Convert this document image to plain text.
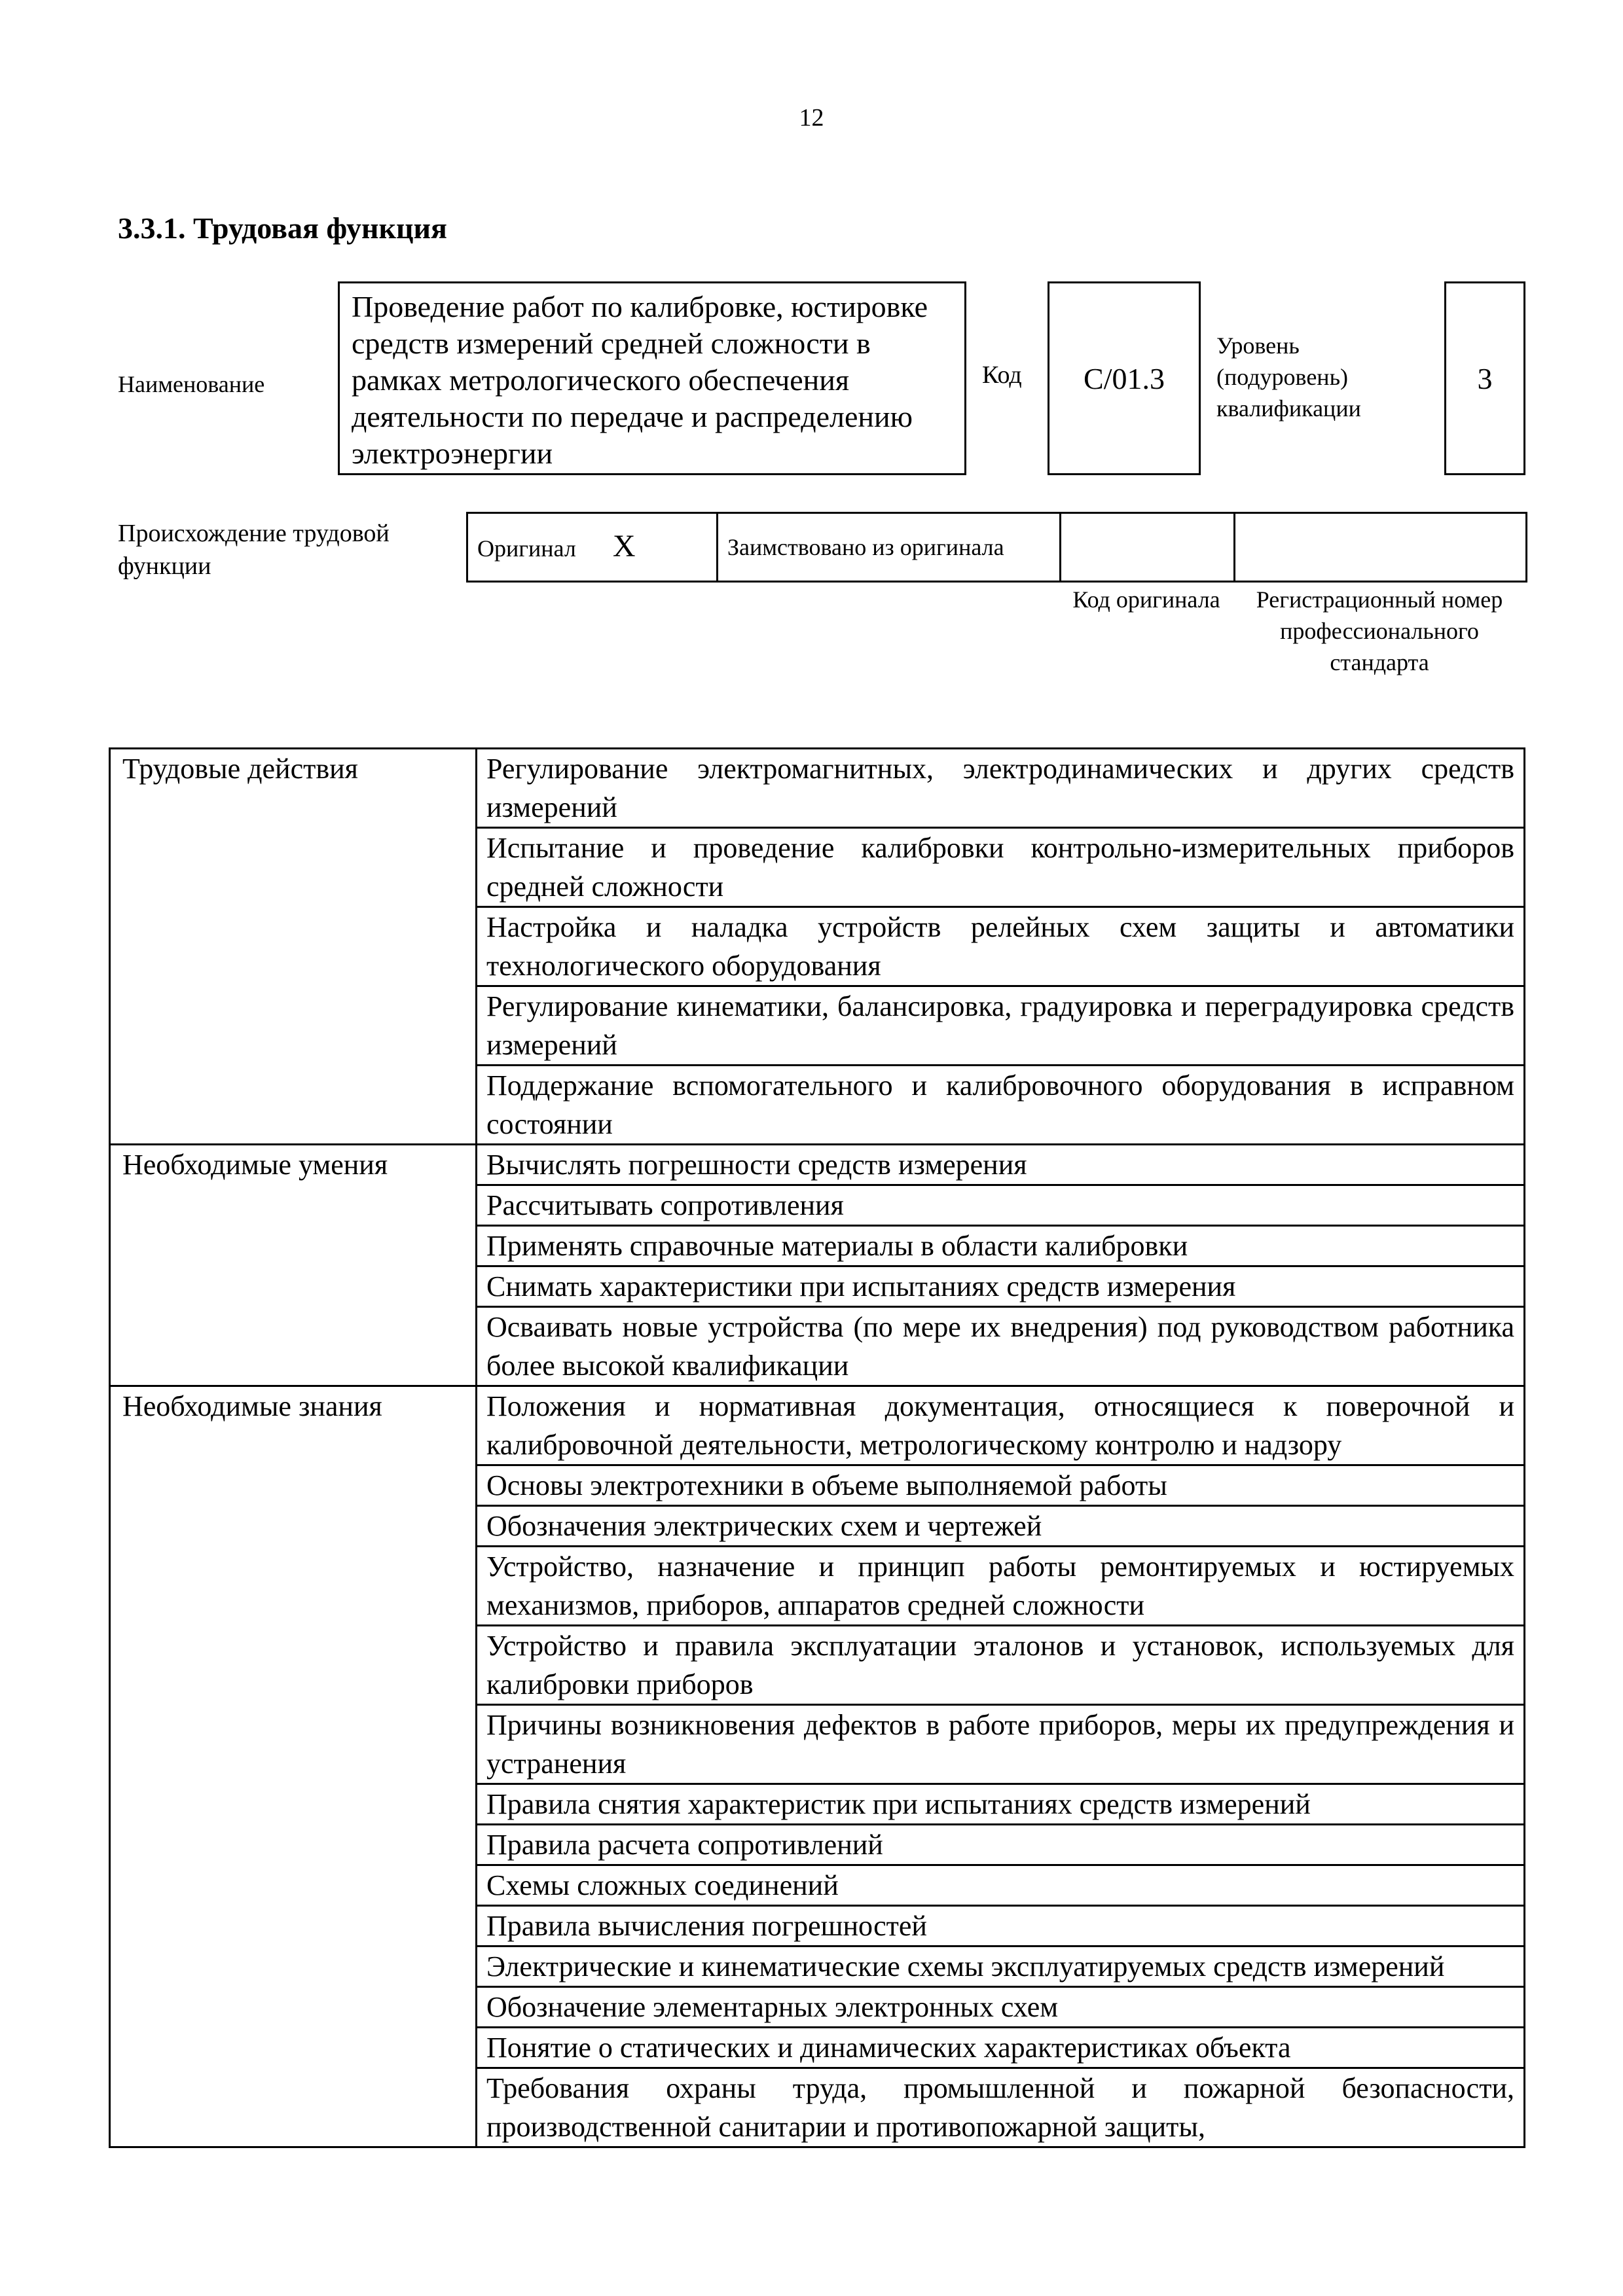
12
3.3.1. Трудовая функция
Наименование
Проведение работ по калибровке, юстировке средств измерений средней сложности в рамках метрологического обеспечения деятельности по передаче и распределению электроэнергии
Код C/01.3
Уровень (подуровень) квалификации
3
Происхождение трудовой функции
Оригинал X	Заимствовано из оригинала		
Код оригинала	Регистрационный номер профессионального стандарта
Трудовые действия	Регулирование электромагнитных, электродинамических и других средств измерений
	Испытание и проведение калибровки контрольно-измерительных приборов средней сложности
	Настройка и наладка устройств релейных схем защиты и автоматики технологического оборудования
	Регулирование кинематики, балансировка, градуировка и переградуировка средств измерений
	Поддержание вспомогательного и калибровочного оборудования в исправном состоянии
Необходимые умения	Вычислять погрешности средств измерения
	Рассчитывать сопротивления
	Применять справочные материалы в области калибровки
	Снимать характеристики при испытаниях средств измерения
	Осваивать новые устройства (по мере их внедрения) под руководством работника более высокой квалификации
Необходимые знания	Положения и нормативная документация, относящиеся к поверочной и калибровочной деятельности, метрологическому контролю и надзору
	Основы электротехники в объеме выполняемой работы
	Обозначения электрических схем и чертежей
	Устройство, назначение и принцип работы ремонтируемых и юстируемых механизмов, приборов, аппаратов средней сложности
	Устройство и правила эксплуатации эталонов и установок, используемых для калибровки приборов
	Причины возникновения дефектов в работе приборов, меры их предупреждения и устранения
	Правила снятия характеристик при испытаниях средств измерений
	Правила расчета сопротивлений
	Схемы сложных соединений
	Правила вычисления погрешностей
	Электрические и кинематические схемы эксплуатируемых средств измерений
	Обозначение элементарных электронных схем
	Понятие о статических и динамических характеристиках объекта
	Требования охраны труда, промышленной и пожарной безопасности, производственной санитарии и противопожарной защиты,
